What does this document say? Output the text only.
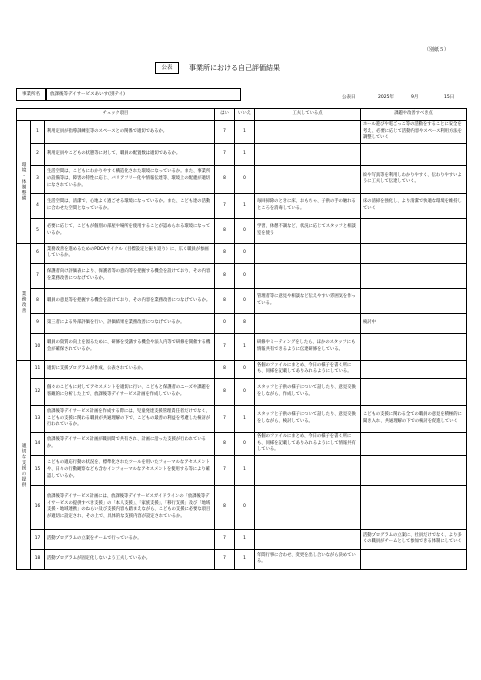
（別紙５）
公表	事業所における自己評価結果
事業所名	放課後等デイサービスあいす(別テイ)
公表日	2025年	9月	15日
チェック項目			はい	いいえ	工夫している点	課題や改善すべき点
環境・体制整備	1	利用定員が指導訓練室等のスペースとの関係で適切であるか。	7	1		ホール遊びや電ごっこ等の活動をすることに安全を考え、必要に応じて活動内容やスペース利用方法を調整していく
	2	利用定員やこどもの状態等に対して、職員の配置数は適切であるか。	7	1		
	3	生活空間は、こどもにわかりやすく構造化された環境になっているか。また、事業所の設備等は、障害の特性に応じ、バリアフリー化や情報伝達等、環境上の配慮が適切になされているか。	8	0		絵や写真等を利用しわかりやすく、伝わりやすいように工夫して伝達していく。
	4	生活空間は、清潔で、心地よく過ごせる環境になっているか。また、こども達の活動に合わせた空間となっているか。	7	1	毎回掃除のときに床、おもちゃ、子供の手の触れるところを消毒している。	床の清掃を強化し、より清潔で快適な環境を維持していく
	5	必要に応じて、こどもが個別の部屋や場所を使用することが認められる環境になっているか。	8	0	学習、休憩不調など、状況に応じてスタッフと相談室を使う	
業務改善	6	業務改善を進めるためのPDCAサイクル（目標設定と振り返り）に、広く職員が参画しているか。	8	0		
	7	保護者向け評価表により、保護者等の意向等を把握する機会を設けており、その内容を業務改善につなげているか。	8	0		
	8	職員の意見等を把握する機会を設けており、その内容を業務改善につなげているか。	8	0	管理者等に意見や相談など伝えやすい雰囲気を作っている。	
	9	第三者による外部評価を行い、評価結果を業務改善につなげているか。	0	8		検討中
	10	職員の資質の向上を図るために、研修を受講する機会や法人内等で研修を開催する機会が確保されているか。	7	1	研修やミーティングをしたら、ほかのスタッフにも情報共有できるように伝達研修をしている。	
適切な支援の提供	11	適切に支援プログラムが作成、公表されているか。	8	0	各個のファイルにまとめ、今日の様子を書く所にも、同様を記載してありみれるようにしている。	
	12	個々のこどもに対してアセスメントを適切に行い、こどもと保護者のニーズや課題を客観的に分析した上で、放課後等デイサービス計画を作成しているか。	8	0	スタッフと子供の様子について話したり、意見交換をしながら、作成している。	
	13	放課後等デイサービス計画を作成する際には、児童発達支援管理責任者だけでなく、こどもの支援に関わる職員が共通理解の下で、こどもの最善の利益を考慮した検討が行われているか。	7	1	スタッフと子供の様子について話したり、意見交換をしながら、検討している。	こどもの支援に関わる全ての職員の意見を積極的に聞き入れ、共通理解の下での検討を促進していく
	14	放課後等デイサービス計画が職員間で共有され、計画に沿った支援が行われているか。	8	0	各個のファイルにまとめ、今日の様子を書く所にも、同様を記載してありみれるようにして情報共有している。	
	15	こどもの適応行動の状況を、標準化されたツールを用いたフォーマルなアセスメントや、日々の行動観察なども含むインフォーマルなアセスメントを使用する等により確認しているか。	7	1		
	16	放課後等デイサービス計画には、放課後等デイサービスガイドラインの「放課後等デイサービスの提供すべき支援」の「本人支援」、「家族支援」、「移行支援」及び「地域支援・地域連携」のねらい及び支援内容も踏まえながら、こどもの支援に必要な項目が適切に設定され、その上で、具体的な支援内容が設定されているか。	8	0		
	17	活動プログラムの立案をチームで行っているか。	7	1		活動プログラムの立案に、社員だけでなく、より多くの職員がチームとして参加できる体制にしていく
	18	活動プログラムが固定化しないよう工夫しているか。	7	1	年間行事に合わせ、変更を出し合いながら決めている。	
